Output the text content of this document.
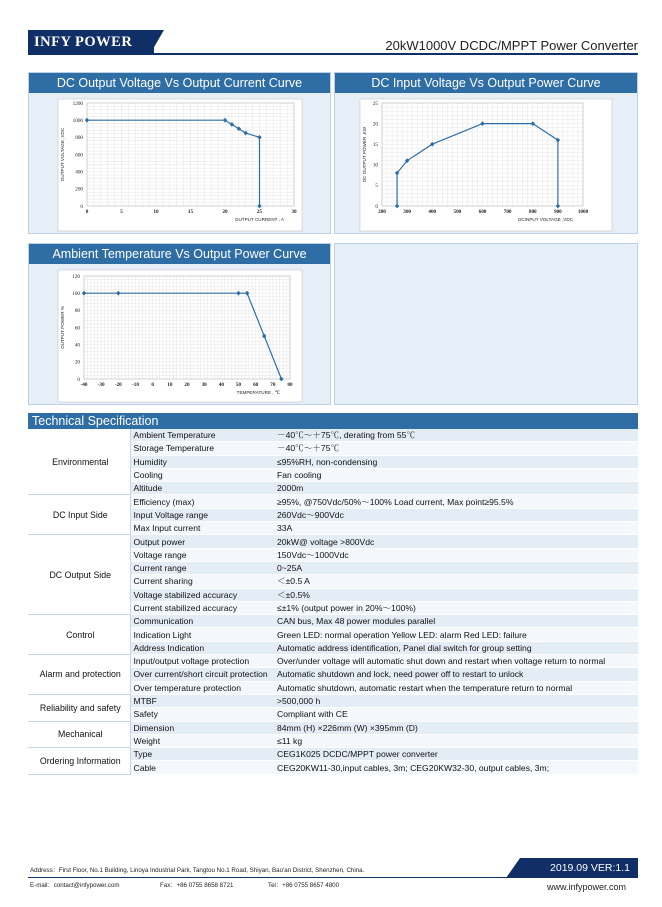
INFY POWER	20kW1000V DCDC/MPPT Power Converter
DC Output Voltage Vs Output Current Curve
0	5	10	15	20	25	30
0
200
400
600
800
1000
1200
OUTPUT CURRENT , A
OUTPUT VOLTAGE ,VDC
DC Input Voltage Vs Output Power Curve
200	300	400	500	600	700	800	900	1000
0
5
10
15
20
25
DCINPUT VOLTAGE ,VDC
DC OUTPUT POWER ,KW
Ambient Temperature Vs Output Power Curve
-40 -30 -20 -10 0	10 20 30 40 50 60 70 80
0
20
40
60
80
100
120
TEMPERATURE , ℃
OUTPUT POWER %
Technical Specification
Environmental	Ambient Temperature	－40℃～＋75℃, derating from 55℃
	Storage Temperature	－40℃～＋75℃
	Humidity	≤95%RH, non-condensing
	Cooling	Fan cooling
	Altitude	2000m
DC Input Side	Efficiency (max)	≥95%, @750Vdc/50%～100% Load current, Max point≥95.5%
	Input Voltage range	260Vdc～900Vdc
	Max Input current	33A
DC Output Side	Output power	20kW@ voltage >800Vdc
	Voltage range	150Vdc～1000Vdc
	Current range	0~25A
	Current sharing	＜±0.5 A
	Voltage stabilized accuracy	＜±0.5%
	Current stabilized accuracy	≤±1% (output power in 20%～100%)
Control	Communication	CAN bus, Max 48 power modules parallel
	Indication Light	Green LED: normal operation Yellow LED: alarm Red LED: failure
	Address Indication	Automatic address identification, Panel dial switch for group setting
Alarm and protection	Input/output voltage protection	Over/under voltage will automatic shut down and restart when voltage return to normal
	Over current/short circuit protection	Automatic shutdown and lock, need power off to restart to unlock
	Over temperature protection	Automatic shutdown, automatic restart when the temperature return to normal
Reliability and safety	MTBF	>500,000 h
	Safety	Compliant with CE
Mechanical	Dimension	84mm (H) ×226mm (W) ×395mm (D)
	Weight	≤11 kg
Ordering Information	Type	CEG1K025 DCDC/MPPT power converter
	Cable	CEG20KW11-30,input cables, 3m; CEG20KW32-30, output cables, 3m;
2019.09 VER:1.1
Address：First Floor, No.1 Building, Linoya Industrial Park, Tangtou No.1 Road, Shiyan, Bao'an District, Shenzhen, China.
E-mail：contact@infypower.com	Fax：+86 0755 8658 8721	Tel：+86 0755 8657 4800	www.infypower.com
